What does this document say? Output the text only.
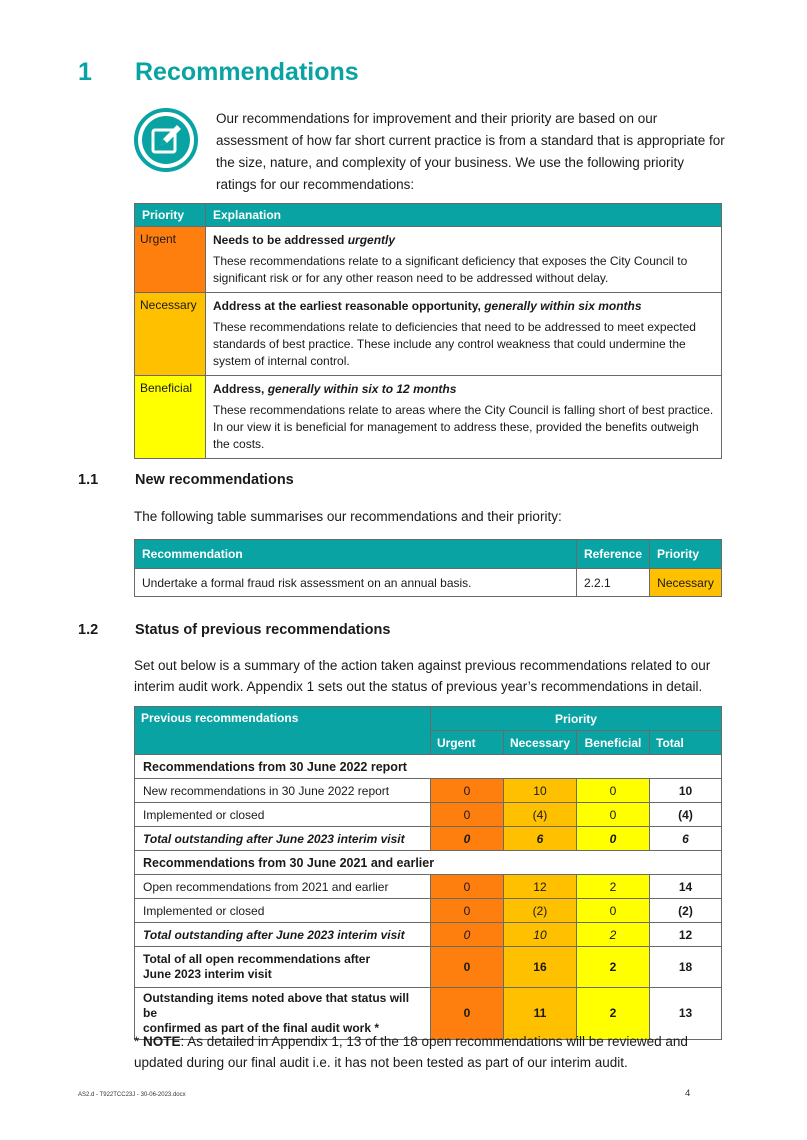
1 Recommendations

Our recommendations for improvement and their priority are based on our assessment of how far short current practice is from a standard that is appropriate for the size, nature, and complexity of your business. We use the following priority ratings for our recommendations:

Priority	Explanation
Urgent	Needs to be addressed urgently
These recommendations relate to a significant deficiency that exposes the City Council to significant risk or for any other reason need to be addressed without delay.

Necessary	Address at the earliest reasonable opportunity, generally within six months
These recommendations relate to deficiencies that need to be addressed to meet expected standards of best practice. These include any control weakness that could undermine the system of internal control.

Beneficial	Address, generally within six to 12 months
These recommendations relate to areas where the City Council is falling short of best practice. In our view it is beneficial for management to address these, provided the benefits outweigh the costs.
1.1	New recommendations

The following table summarises our recommendations and their priority:

Recommendation	Reference	Priority
Undertake a formal fraud risk assessment on an annual basis.	2.2.1	Necessary
1.2	Status of previous recommendations

Set out below is a summary of the action taken against previous recommendations related to our interim audit work. Appendix 1 sets out the status of previous year’s recommendations in detail.

Previous recommendations	Priority			
	Urgent	Necessary	Beneficial	Total
Recommendations from 30 June 2022 report				
New recommendations in 30 June 2022 report	0	10	0	10
Implemented or closed	0	(4)	0	(4)
Total outstanding after June 2023 interim visit	0	6	0	6
Recommendations from 30 June 2021 and earlier				
Open recommendations from 2021 and earlier	0	12	2	14
Implemented or closed	0	(2)	0	(2)
Total outstanding after June 2023 interim visit	0	10	2	12
Total of all open recommendations after
June 2023 interim visit	0	16	2	18
Outstanding items noted above that status will be
confirmed as part of the final audit work *	0	11	2	13

* NOTE: As detailed in Appendix 1, 13 of the 18 open recommendations will be reviewed and updated during our final audit i.e. it has not been tested as part of our interim audit.

AS2.d - T922TCC23J - 30-06-2023.docx	4
